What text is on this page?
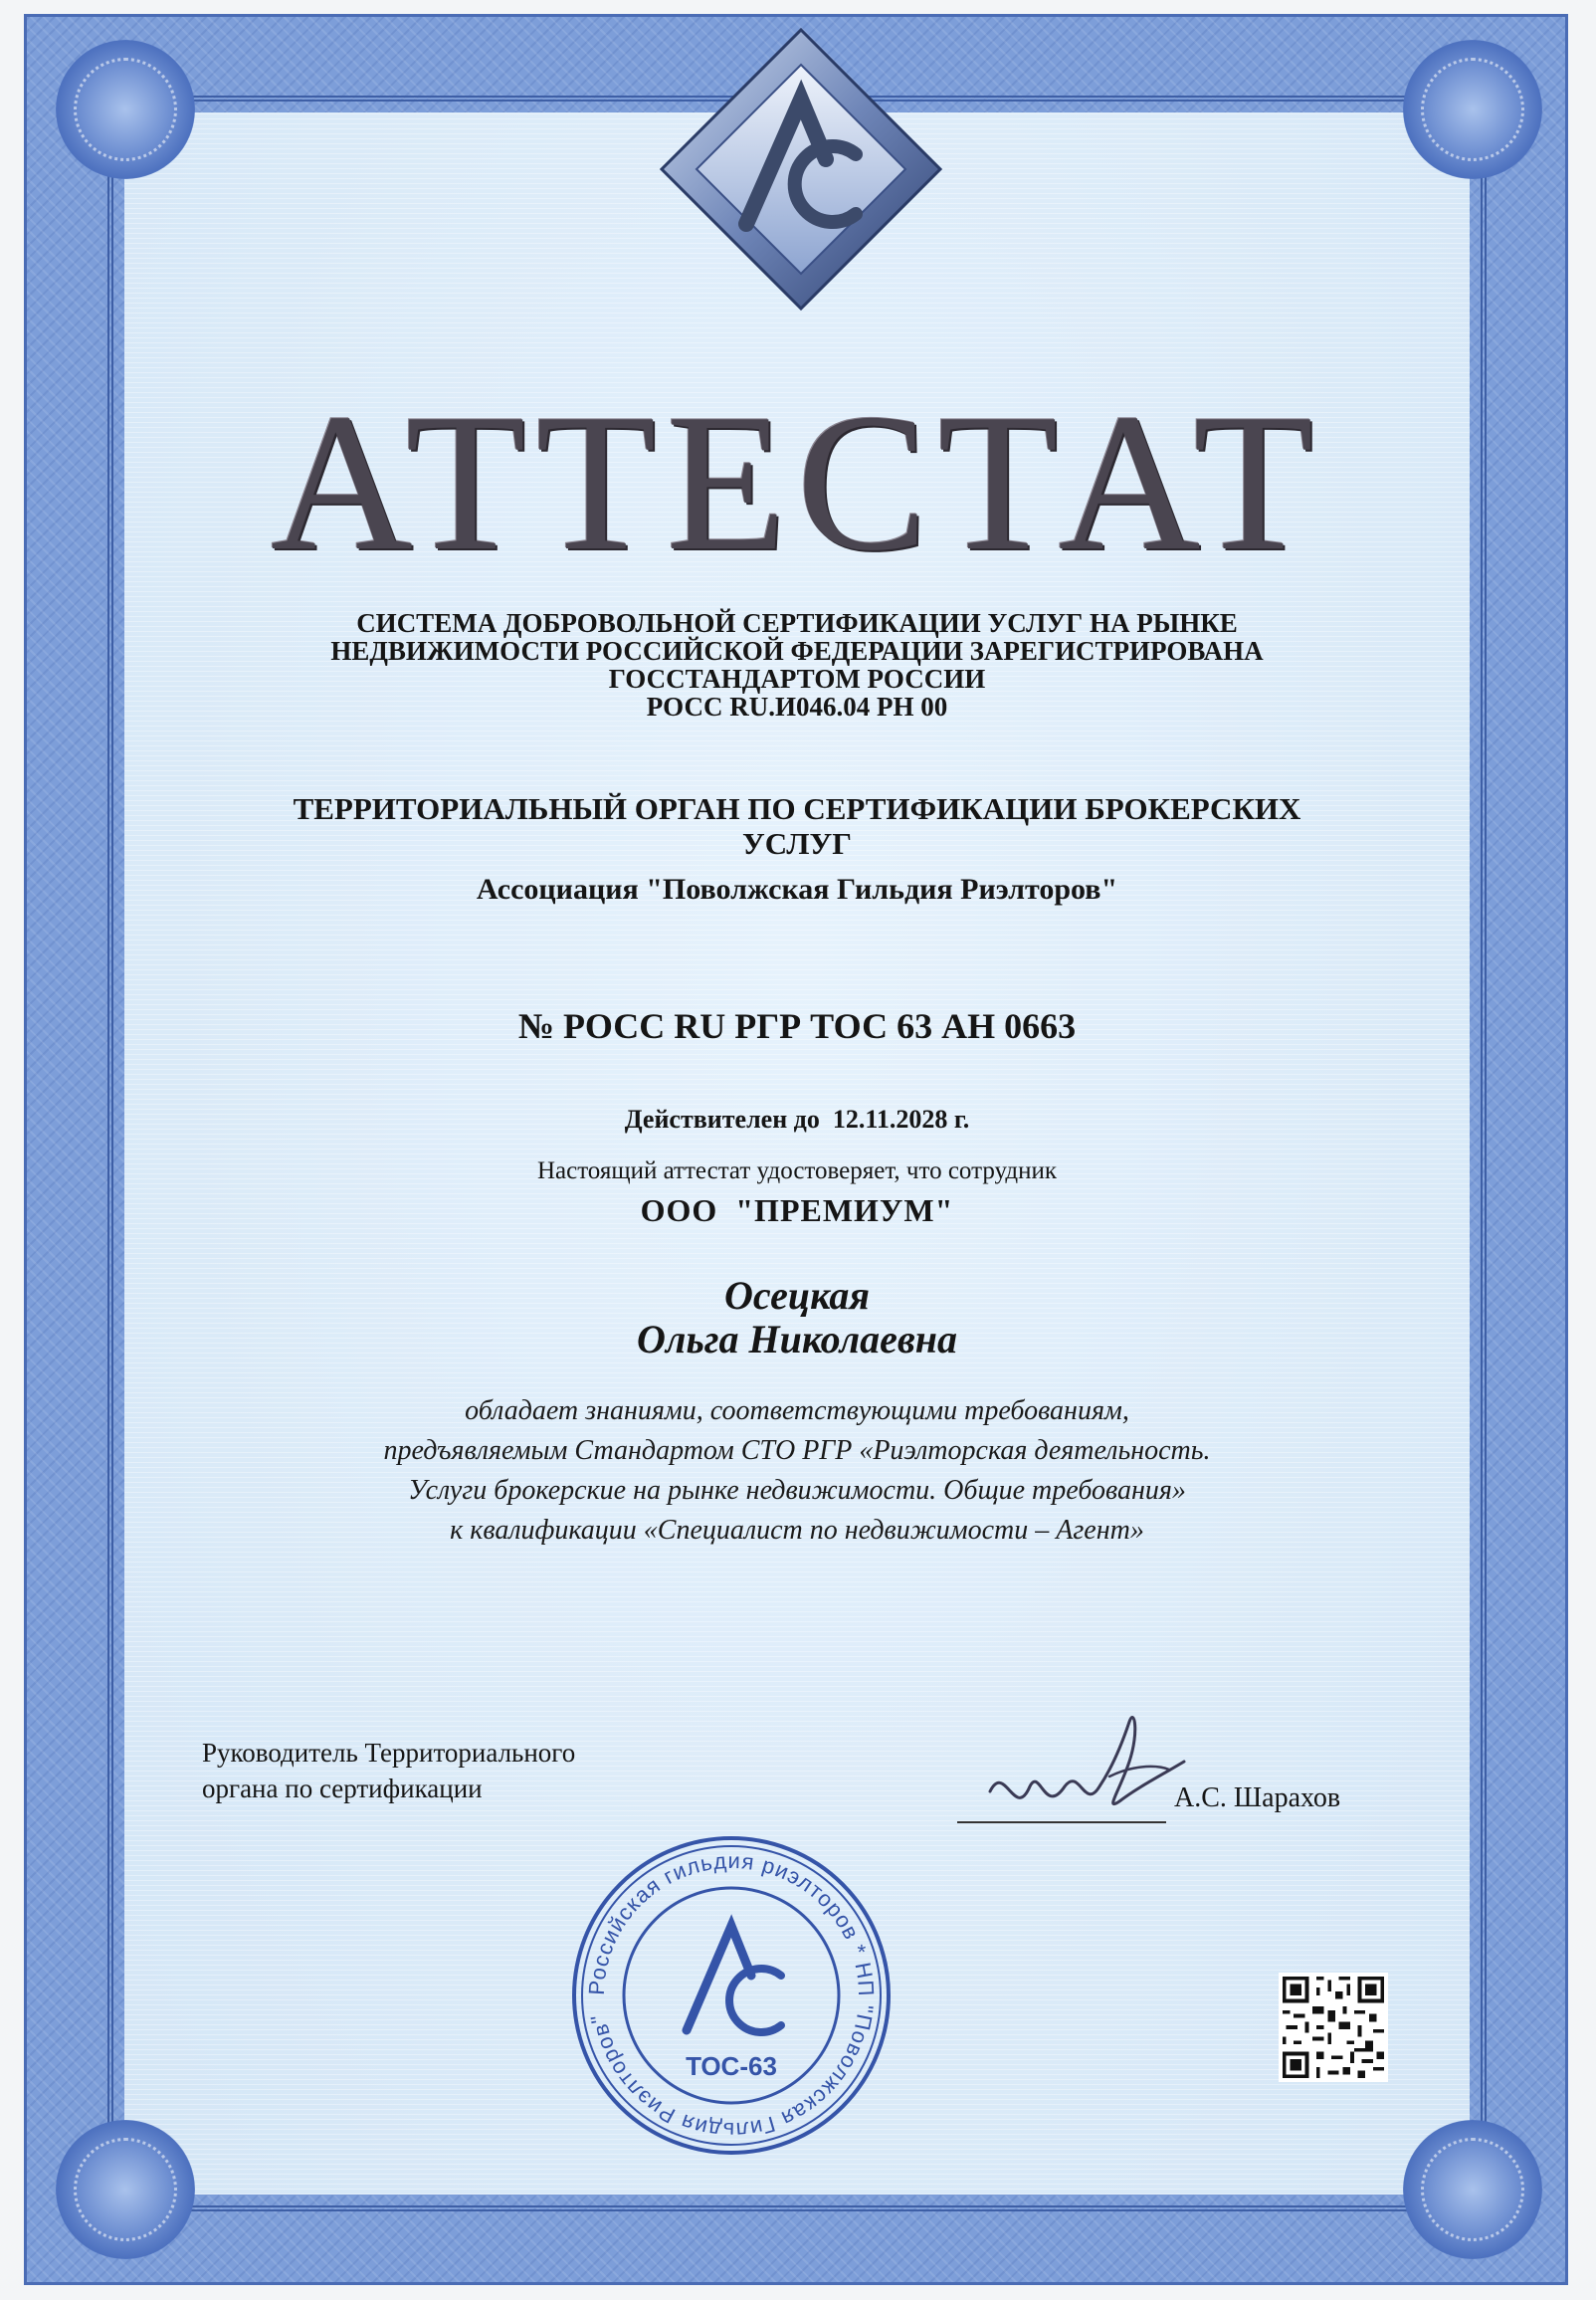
АТТЕСТАТ
СИСТЕМА ДОБРОВОЛЬНОЙ СЕРТИФИКАЦИИ УСЛУГ НА РЫНКЕ
НЕДВИЖИМОСТИ РОССИЙСКОЙ ФЕДЕРАЦИИ ЗАРЕГИСТРИРОВАНА
ГОССТАНДАРТОМ РОССИИ
РОСС RU.И046.04 РН 00
ТЕРРИТОРИАЛЬНЫЙ ОРГАН ПО СЕРТИФИКАЦИИ БРОКЕРСКИХ
УСЛУГ
Ассоциация "Поволжская Гильдия Риэлторов"
№ РОСС RU РГР ТОС 63 АН 0663
Действителен до  12.11.2028 г.
Настоящий аттестат удостоверяет, что сотрудник
ООО  "ПРЕМИУМ"
Осецкая
Ольга Николаевна
обладает знаниями, соответствующими требованиям,
предъявляемым Стандартом СТО РГР «Риэлторская деятельность.
Услуги брокерские на рынке недвижимости. Общие требования»
к квалификации «Специалист по недвижимости – Агент»
Руководитель Территориального
органа по сертификации	А.С. Шарахов
Российская гильдия риэлторов * НП "Поволжская Гильдия Риэлторов"
ТОС-63
